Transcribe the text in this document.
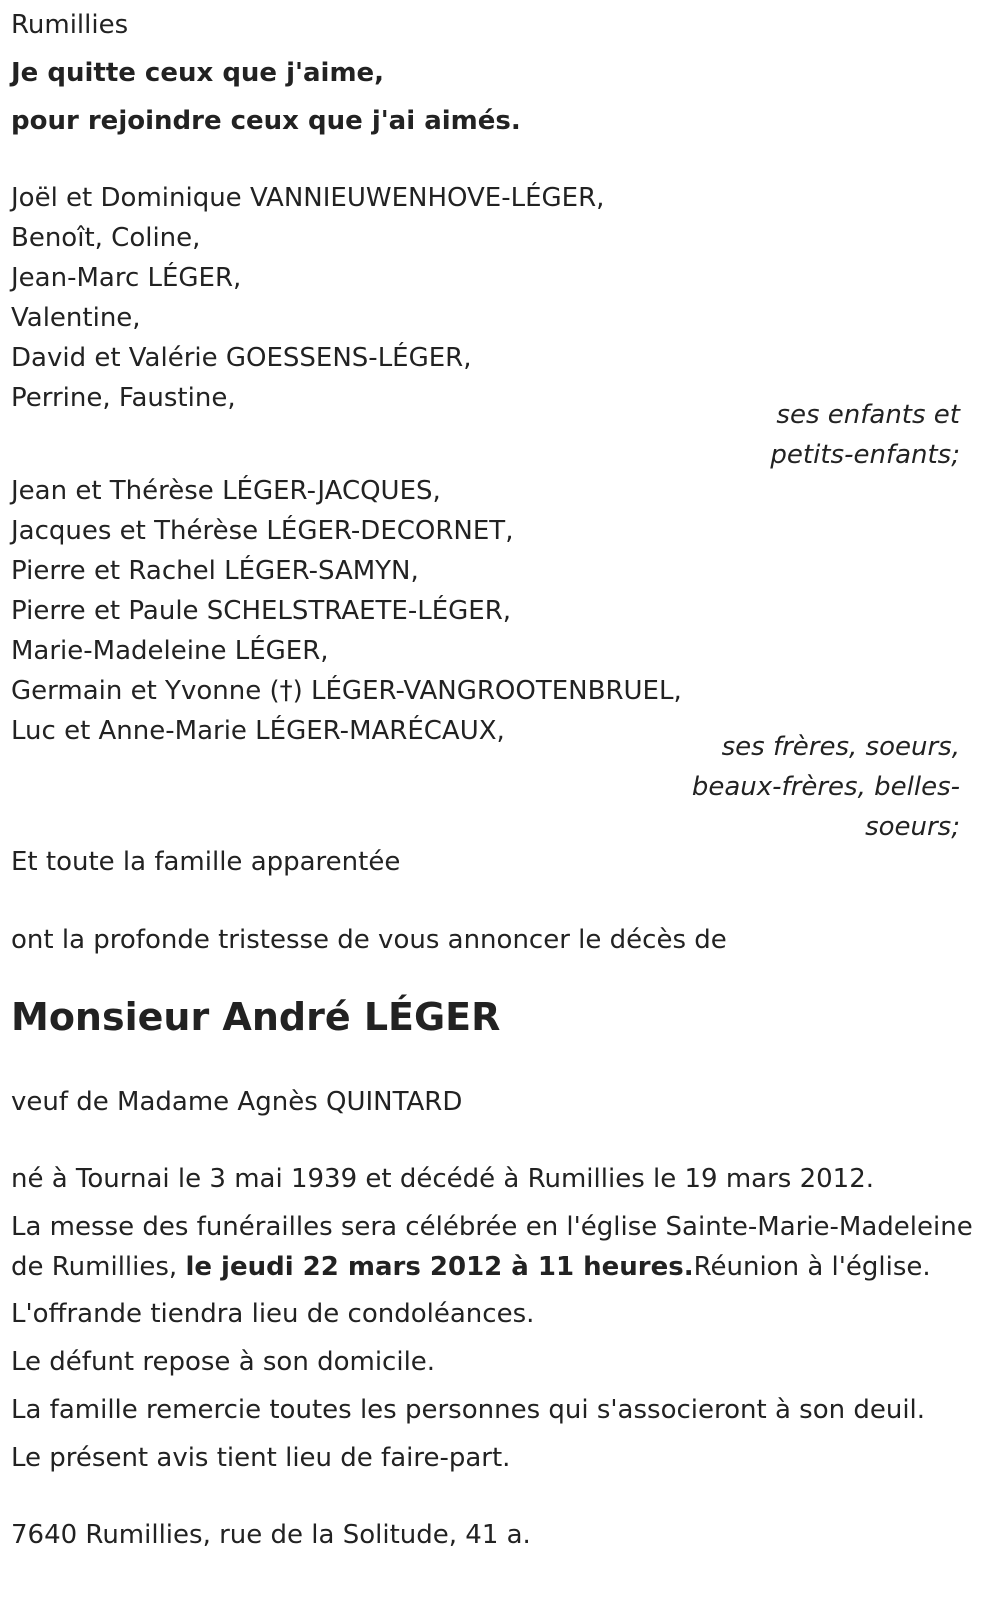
Rumillies
Je quitte ceux que j'aime,
pour rejoindre ceux que j'ai aimés.
Joël et Dominique VANNIEUWENHOVE-LÉGER,
Benoît, Coline,
Jean-Marc LÉGER,
Valentine,
David et Valérie GOESSENS-LÉGER,
Perrine, Faustine,
ses enfants et
petits-enfants;
Jean et Thérèse LÉGER-JACQUES,
Jacques et Thérèse LÉGER-DECORNET,
Pierre et Rachel LÉGER-SAMYN,
Pierre et Paule SCHELSTRAETE-LÉGER,
Marie-Madeleine LÉGER,
Germain et Yvonne (†) LÉGER-VANGROOTENBRUEL,
Luc et Anne-Marie LÉGER-MARÉCAUX,
ses frères, soeurs,
beaux-frères, belles-
soeurs;
Et toute la famille apparentée
ont la profonde tristesse de vous annoncer le décès de
Monsieur André LÉGER
veuf de Madame Agnès QUINTARD
né à Tournai le 3 mai 1939 et décédé à Rumillies le 19 mars 2012.
La messe des funérailles sera célébrée en l'église Sainte-Marie-Madeleine de Rumillies, le jeudi 22 mars 2012 à 11 heures.Réunion à l'église.
L'offrande tiendra lieu de condoléances.
Le défunt repose à son domicile.
La famille remercie toutes les personnes qui s'associeront à son deuil.
Le présent avis tient lieu de faire-part.
7640 Rumillies, rue de la Solitude, 41 a.
